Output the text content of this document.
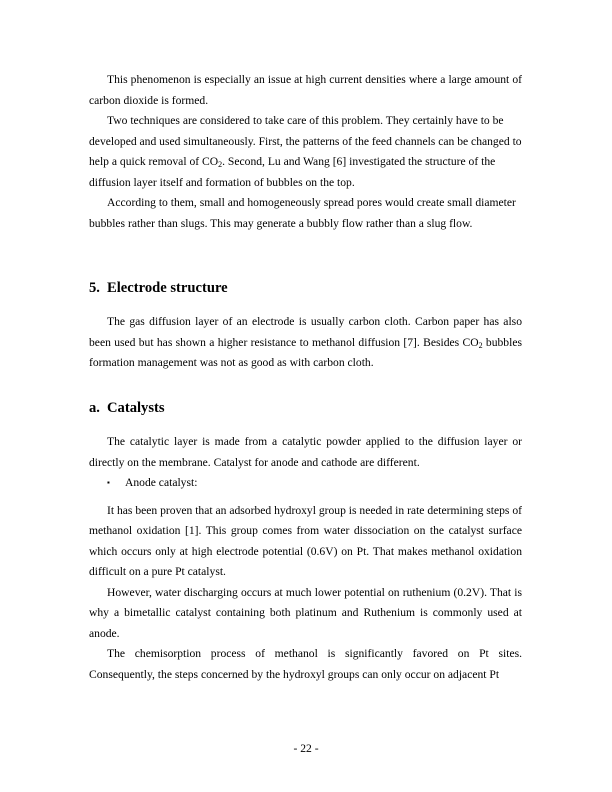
This phenomenon is especially an issue at high current densities where a large amount of carbon dioxide is formed.

Two techniques are considered to take care of this problem. They certainly have to be developed and used simultaneously. First, the patterns of the feed channels can be changed to help a quick removal of $CO_2$. Second, Lu and Wang [6] investigated the structure of the diffusion layer itself and formation of bubbles on the top.

According to them, small and homogeneously spread pores would create small diameter bubbles rather than slugs. This may generate a bubbly flow rather than a slug flow.

5. Electrode structure

The gas diffusion layer of an electrode is usually carbon cloth. Carbon paper has also been used but has shown a higher resistance to methanol diffusion [7]. Besides $CO_2$ bubbles formation management was not as good as with carbon cloth.

a. Catalysts

The catalytic layer is made from a catalytic powder applied to the diffusion layer or directly on the membrane. Catalyst for anode and cathode are different.

▪ Anode catalyst:

It has been proven that an adsorbed hydroxyl group is needed in rate determining steps of methanol oxidation [1]. This group comes from water dissociation on the catalyst surface which occurs only at high electrode potential (0.6V) on Pt. That makes methanol oxidation difficult on a pure Pt catalyst.

However, water discharging occurs at much lower potential on ruthenium (0.2V). That is why a bimetallic catalyst containing both platinum and Ruthenium is commonly used at anode.

The chemisorption process of methanol is significantly favored on Pt sites. Consequently, the steps concerned by the hydroxyl groups can only occur on adjacent Pt

- 22 -
